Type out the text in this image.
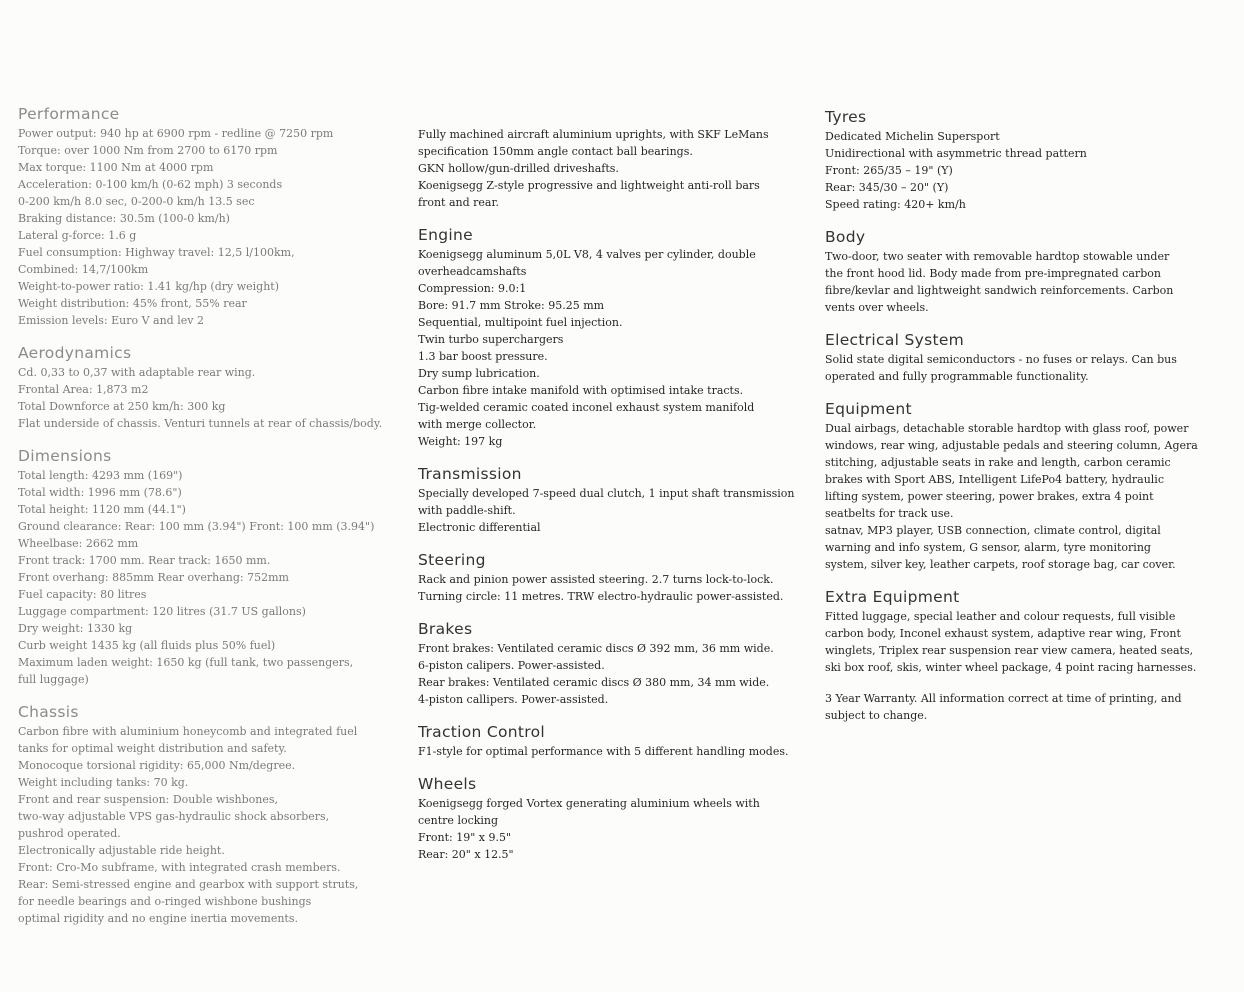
Performance
Power output: 940 hp at 6900 rpm - redline @ 7250 rpm
Torque: over 1000 Nm from 2700 to 6170 rpm
Max torque: 1100 Nm at 4000 rpm
Acceleration: 0-100 km/h (0-62 mph) 3 seconds
0-200 km/h 8.0 sec, 0-200-0 km/h 13.5 sec
Braking distance: 30.5m (100-0 km/h)
Lateral g-force: 1.6 g
Fuel consumption: Highway travel: 12,5 l/100km,
Combined: 14,7/100km
Weight-to-power ratio: 1.41 kg/hp (dry weight)
Weight distribution: 45% front, 55% rear
Emission levels: Euro V and lev 2
Aerodynamics
Cd. 0,33 to 0,37 with adaptable rear wing.
Frontal Area: 1,873 m2
Total Downforce at 250 km/h: 300 kg
Flat underside of chassis. Venturi tunnels at rear of chassis/body.
Dimensions
Total length: 4293 mm (169")
Total width: 1996 mm (78.6")
Total height: 1120 mm (44.1")
Ground clearance: Rear: 100 mm (3.94") Front: 100 mm (3.94")
Wheelbase: 2662 mm
Front track: 1700 mm. Rear track: 1650 mm.
Front overhang: 885mm Rear overhang: 752mm
Fuel capacity: 80 litres
Luggage compartment: 120 litres (31.7 US gallons)
Dry weight: 1330 kg
Curb weight 1435 kg (all fluids plus 50% fuel)
Maximum laden weight: 1650 kg (full tank, two passengers,
full luggage)
Chassis
Carbon fibre with aluminium honeycomb and integrated fuel
tanks for optimal weight distribution and safety.
Monocoque torsional rigidity: 65,000 Nm/degree.
Weight including tanks: 70 kg.
Front and rear suspension: Double wishbones,
two-way adjustable VPS gas-hydraulic shock absorbers,
pushrod operated.
Electronically adjustable ride height.
Front: Cro-Mo subframe, with integrated crash members.
Rear: Semi-stressed engine and gearbox with support struts,
for needle bearings and o-ringed wishbone bushings
optimal rigidity and no engine inertia movements.
Fully machined aircraft aluminium uprights, with SKF LeMans
specification 150mm angle contact ball bearings.
GKN hollow/gun-drilled driveshafts.
Koenigsegg Z-style progressive and lightweight anti-roll bars
front and rear.
Engine
Koenigsegg aluminum 5,0L V8, 4 valves per cylinder, double
overheadcamshafts
Compression: 9.0:1
Bore: 91.7 mm Stroke: 95.25 mm
Sequential, multipoint fuel injection.
Twin turbo superchargers
1.3 bar boost pressure.
Dry sump lubrication.
Carbon fibre intake manifold with optimised intake tracts.
Tig-welded ceramic coated inconel exhaust system manifold
with merge collector.
Weight: 197 kg
Transmission
Specially developed 7-speed dual clutch, 1 input shaft transmission
with paddle-shift.
Electronic differential
Steering
Rack and pinion power assisted steering. 2.7 turns lock-to-lock.
Turning circle: 11 metres. TRW electro-hydraulic power-assisted.
Brakes
Front brakes: Ventilated ceramic discs Ø 392 mm, 36 mm wide.
6-piston calipers. Power-assisted.
Rear brakes: Ventilated ceramic discs Ø 380 mm, 34 mm wide.
4-piston callipers. Power-assisted.
Traction Control
F1-style for optimal performance with 5 different handling modes.
Wheels
Koenigsegg forged Vortex generating aluminium wheels with
centre locking
Front: 19" x 9.5"
Rear: 20" x 12.5"
Tyres
Dedicated Michelin Supersport
Unidirectional with asymmetric thread pattern
Front: 265/35 – 19" (Y)
Rear: 345/30 – 20" (Y)
Speed rating: 420+ km/h
Body
Two-door, two seater with removable hardtop stowable under
the front hood lid. Body made from pre-impregnated carbon
fibre/kevlar and lightweight sandwich reinforcements. Carbon
vents over wheels.
Electrical System
Solid state digital semiconductors - no fuses or relays. Can bus
operated and fully programmable functionality.
Equipment
Dual airbags, detachable storable hardtop with glass roof, power
windows, rear wing, adjustable pedals and steering column, Agera
stitching, adjustable seats in rake and length, carbon ceramic
brakes with Sport ABS, Intelligent LifePo4 battery, hydraulic
lifting system, power steering, power brakes, extra 4 point
seatbelts for track use.
satnav, MP3 player, USB connection, climate control, digital
warning and info system, G sensor, alarm, tyre monitoring
system, silver key, leather carpets, roof storage bag, car cover.
Extra Equipment
Fitted luggage, special leather and colour requests, full visible
carbon body, Inconel exhaust system, adaptive rear wing, Front
winglets, Triplex rear suspension rear view camera, heated seats,
ski box roof, skis, winter wheel package, 4 point racing harnesses.
3 Year Warranty. All information correct at time of printing, and
subject to change.
